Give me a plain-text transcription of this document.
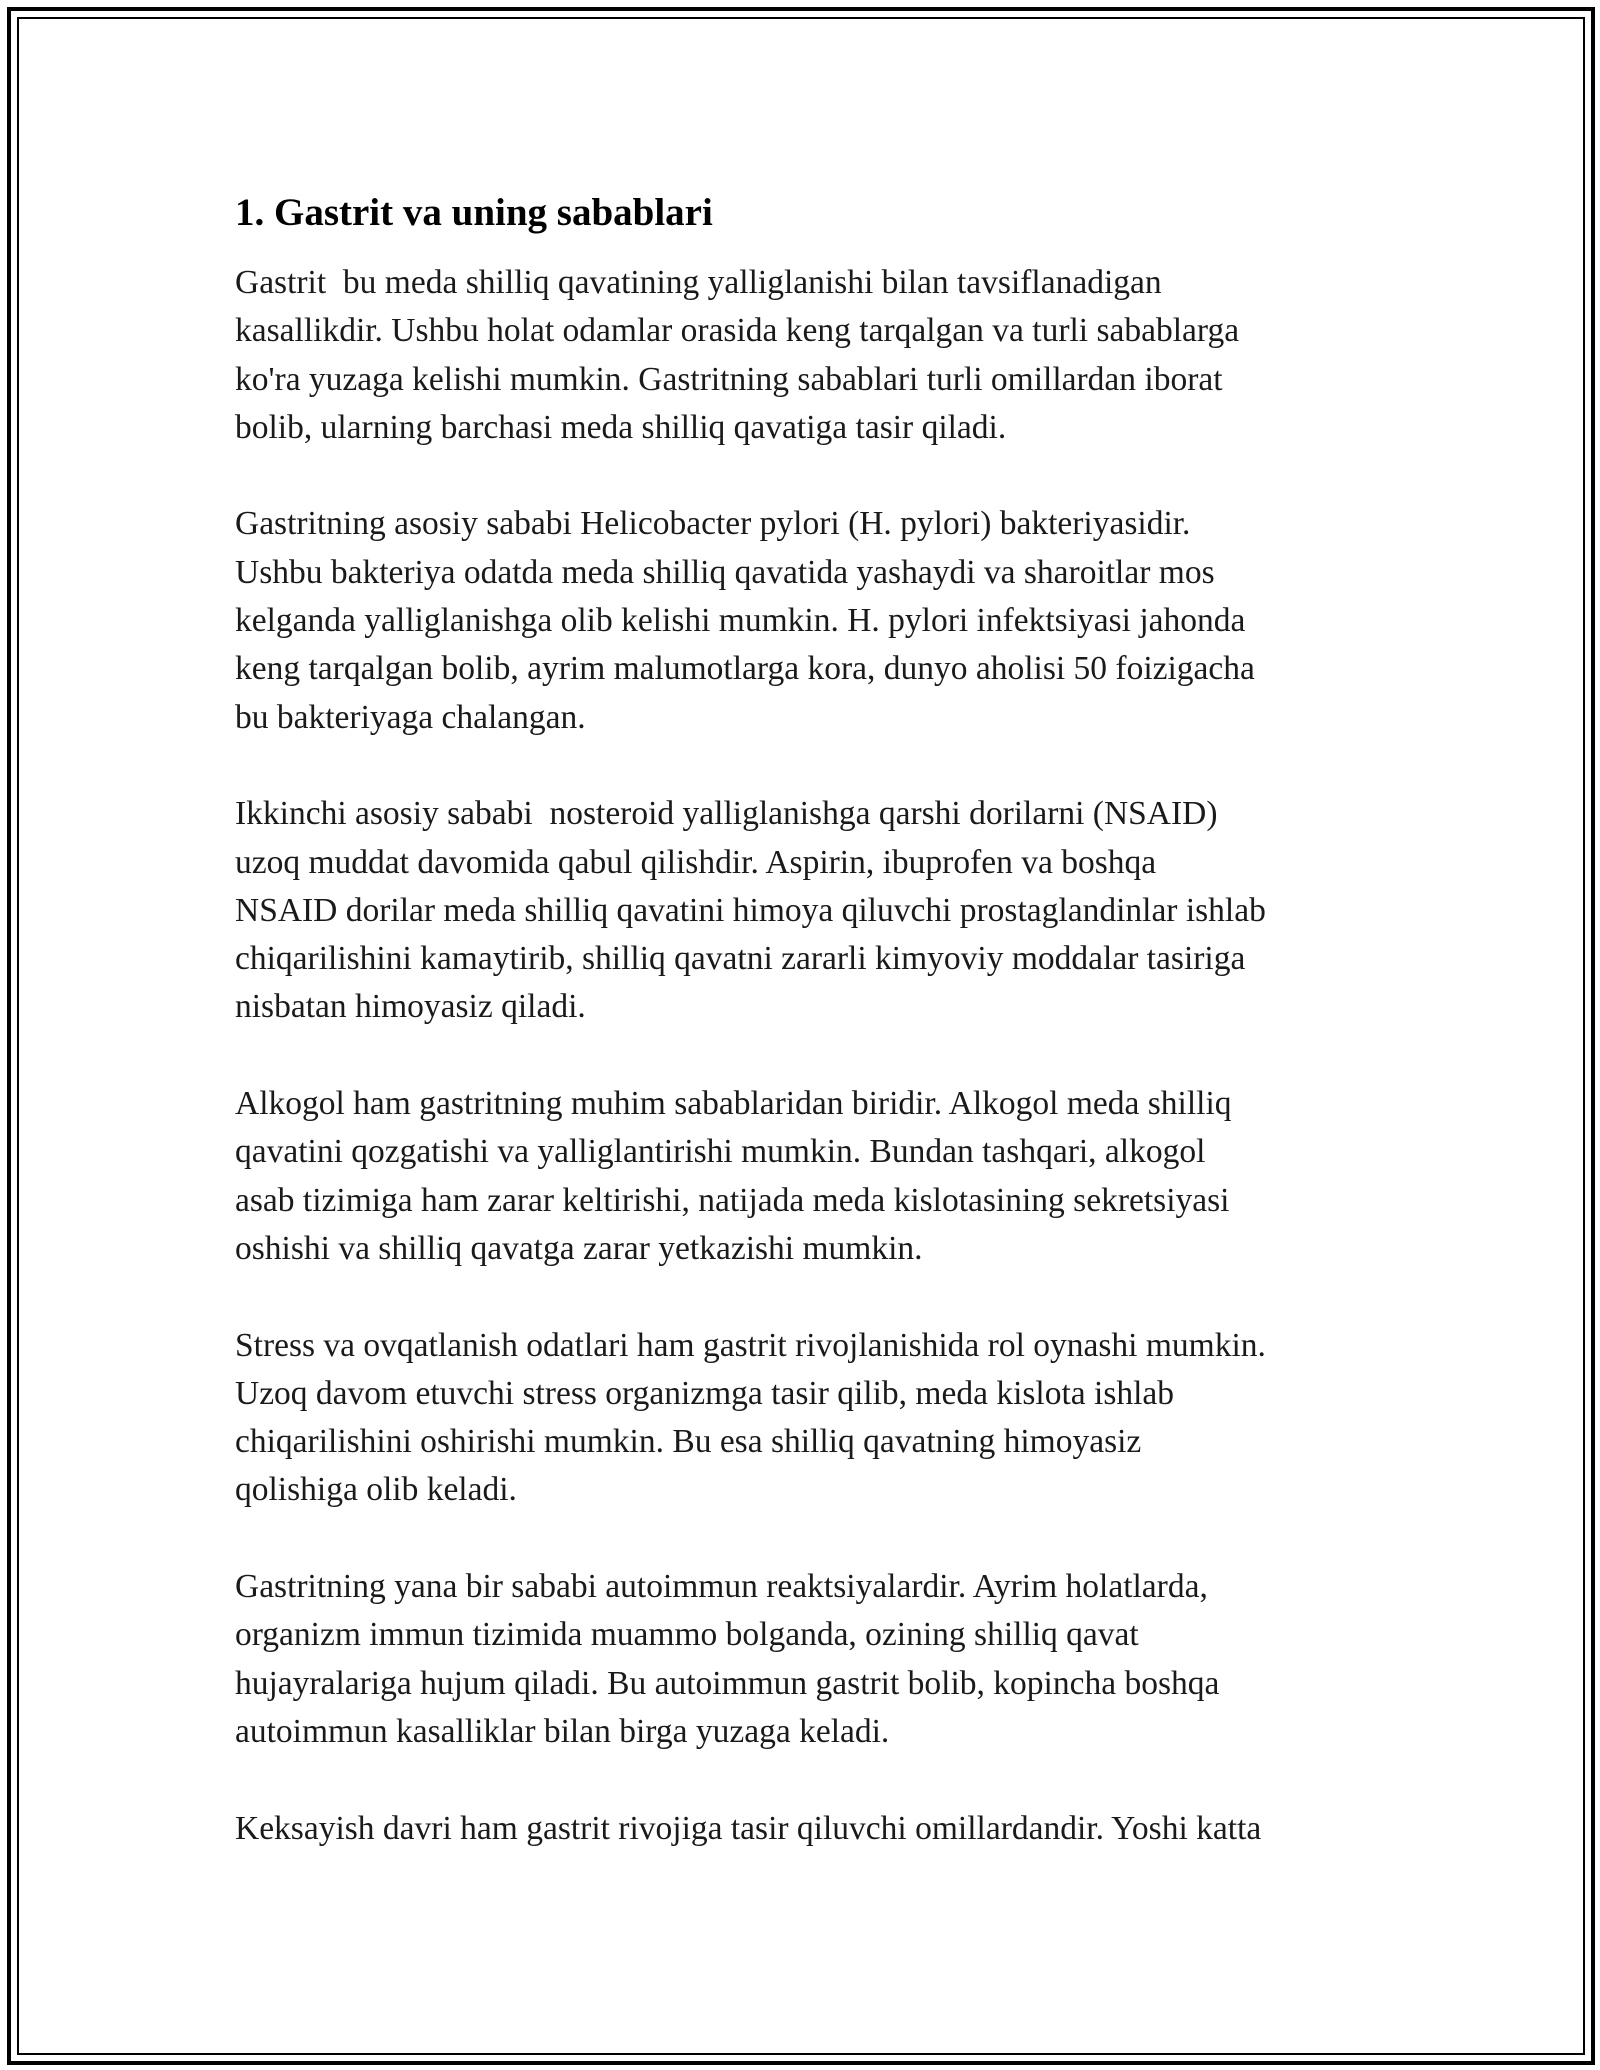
1. Gastrit va uning sabablari

Gastrit  bu meda shilliq qavatining yalliglanishi bilan tavsiflanadigan
kasallikdir. Ushbu holat odamlar orasida keng tarqalgan va turli sabablarga
ko'ra yuzaga kelishi mumkin. Gastritning sabablari turli omillardan iborat
bolib, ularning barchasi meda shilliq qavatiga tasir qiladi.

Gastritning asosiy sababi Helicobacter pylori (H. pylori) bakteriyasidir.
Ushbu bakteriya odatda meda shilliq qavatida yashaydi va sharoitlar mos
kelganda yalliglanishga olib kelishi mumkin. H. pylori infektsiyasi jahonda
keng tarqalgan bolib, ayrim malumotlarga kora, dunyo aholisi 50 foizigacha
bu bakteriyaga chalangan.

Ikkinchi asosiy sababi  nosteroid yalliglanishga qarshi dorilarni (NSAID)
uzoq muddat davomida qabul qilishdir. Aspirin, ibuprofen va boshqa
NSAID dorilar meda shilliq qavatini himoya qiluvchi prostaglandinlar ishlab
chiqarilishini kamaytirib, shilliq qavatni zararli kimyoviy moddalar tasiriga
nisbatan himoyasiz qiladi.

Alkogol ham gastritning muhim sabablaridan biridir. Alkogol meda shilliq
qavatini qozgatishi va yalliglantirishi mumkin. Bundan tashqari, alkogol
asab tizimiga ham zarar keltirishi, natijada meda kislotasining sekretsiyasi
oshishi va shilliq qavatga zarar yetkazishi mumkin.

Stress va ovqatlanish odatlari ham gastrit rivojlanishida rol oynashi mumkin.
Uzoq davom etuvchi stress organizmga tasir qilib, meda kislota ishlab
chiqarilishini oshirishi mumkin. Bu esa shilliq qavatning himoyasiz
qolishiga olib keladi.

Gastritning yana bir sababi autoimmun reaktsiyalardir. Ayrim holatlarda,
organizm immun tizimida muammo bolganda, ozining shilliq qavat
hujayralariga hujum qiladi. Bu autoimmun gastrit bolib, kopincha boshqa
autoimmun kasalliklar bilan birga yuzaga keladi.

Keksayish davri ham gastrit rivojiga tasir qiluvchi omillardandir. Yoshi katta
